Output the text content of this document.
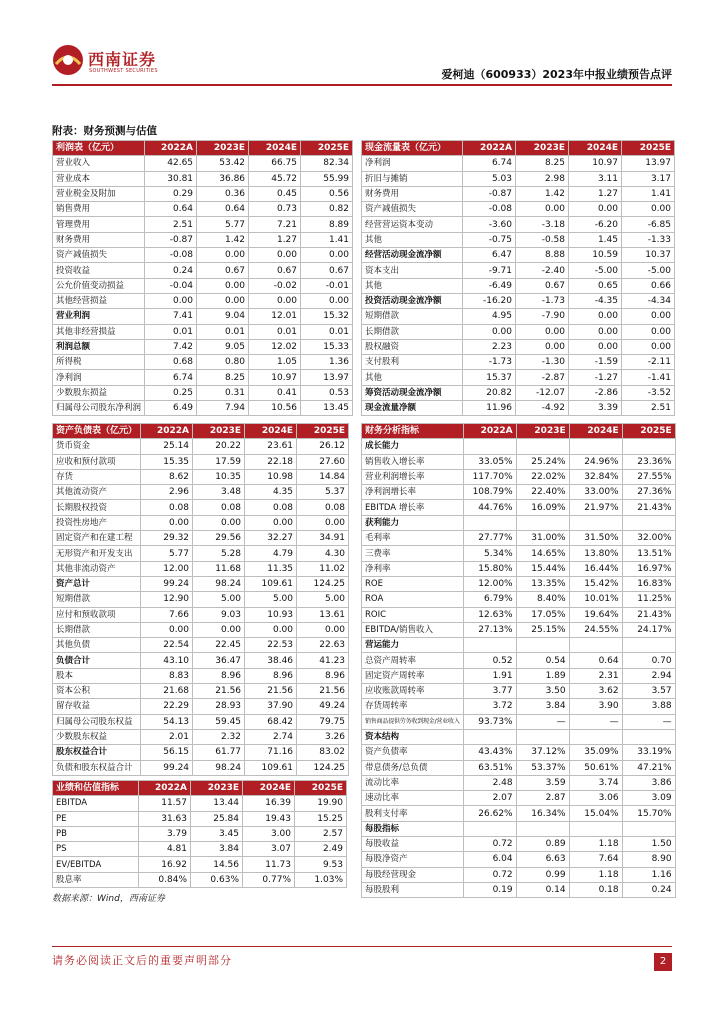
西南证券
SOUTHWEST SECURITIES	爱柯迪（600933）2023年中报业绩预告点评
附表：财务预测与估值
利润表（亿元）	2022A	2023E	2024E	2025E
营业收入	42.65	53.42	66.75	82.34
营业成本	30.81	36.86	45.72	55.99
营业税金及附加	0.29	0.36	0.45	0.56
销售费用	0.64	0.64	0.73	0.82
管理费用	2.51	5.77	7.21	8.89
财务费用	-0.87	1.42	1.27	1.41
资产减值损失	-0.08	0.00	0.00	0.00
投资收益	0.24	0.67	0.67	0.67
公允价值变动损益	-0.04	0.00	-0.02	-0.01
其他经营损益	0.00	0.00	0.00	0.00
营业利润	7.41	9.04	12.01	15.32
其他非经营损益	0.01	0.01	0.01	0.01
利润总额	7.42	9.05	12.02	15.33
所得税	0.68	0.80	1.05	1.36
净利润	6.74	8.25	10.97	13.97
少数股东损益	0.25	0.31	0.41	0.53
归属母公司股东净利润	6.49	7.94	10.56	13.45
现金流量表（亿元）	2022A	2023E	2024E	2025E
净利润	6.74	8.25	10.97	13.97
折旧与摊销	5.03	2.98	3.11	3.17
财务费用	-0.87	1.42	1.27	1.41
资产减值损失	-0.08	0.00	0.00	0.00
经营营运资本变动	-3.60	-3.18	-6.20	-6.85
其他	-0.75	-0.58	1.45	-1.33
经营活动现金流净额	6.47	8.88	10.59	10.37
资本支出	-9.71	-2.40	-5.00	-5.00
其他	-6.49	0.67	0.65	0.66
投资活动现金流净额	-16.20	-1.73	-4.35	-4.34
短期借款	4.95	-7.90	0.00	0.00
长期借款	0.00	0.00	0.00	0.00
股权融资	2.23	0.00	0.00	0.00
支付股利	-1.73	-1.30	-1.59	-2.11
其他	15.37	-2.87	-1.27	-1.41
筹资活动现金流净额	20.82	-12.07	-2.86	-3.52
现金流量净额	11.96	-4.92	3.39	2.51
资产负债表（亿元）	2022A	2023E	2024E	2025E
货币资金	25.14	20.22	23.61	26.12
应收和预付款项	15.35	17.59	22.18	27.60
存货	8.62	10.35	10.98	14.84
其他流动资产	2.96	3.48	4.35	5.37
长期股权投资	0.08	0.08	0.08	0.08
投资性房地产	0.00	0.00	0.00	0.00
固定资产和在建工程	29.32	29.56	32.27	34.91
无形资产和开发支出	5.77	5.28	4.79	4.30
其他非流动资产	12.00	11.68	11.35	11.02
资产总计	99.24	98.24	109.61	124.25
短期借款	12.90	5.00	5.00	5.00
应付和预收款项	7.66	9.03	10.93	13.61
长期借款	0.00	0.00	0.00	0.00
其他负债	22.54	22.45	22.53	22.63
负债合计	43.10	36.47	38.46	41.23
股本	8.83	8.96	8.96	8.96
资本公积	21.68	21.56	21.56	21.56
留存收益	22.29	28.93	37.90	49.24
归属母公司股东权益	54.13	59.45	68.42	79.75
少数股东权益	2.01	2.32	2.74	3.26
股东权益合计	56.15	61.77	71.16	83.02
负债和股东权益合计	99.24	98.24	109.61	124.25
财务分析指标	2022A	2023E	2024E	2025E
成长能力				
销售收入增长率	33.05%	25.24%	24.96%	23.36%
营业利润增长率	117.70%	22.02%	32.84%	27.55%
净利润增长率	108.79%	22.40%	33.00%	27.36%
EBITDA 增长率	44.76%	16.09%	21.97%	21.43%
获利能力				
毛利率	27.77%	31.00%	31.50%	32.00%
三费率	5.34%	14.65%	13.80%	13.51%
净利率	15.80%	15.44%	16.44%	16.97%
ROE	12.00%	13.35%	15.42%	16.83%
ROA	6.79%	8.40%	10.01%	11.25%
ROIC	12.63%	17.05%	19.64%	21.43%
EBITDA/销售收入	27.13%	25.15%	24.55%	24.17%
营运能力				
总资产周转率	0.52	0.54	0.64	0.70
固定资产周转率	1.91	1.89	2.31	2.94
应收账款周转率	3.77	3.50	3.62	3.57
存货周转率	3.72	3.84	3.90	3.88
销售商品提供劳务收到现金/营业收入	93.73%	—	—	—
资本结构				
资产负债率	43.43%	37.12%	35.09%	33.19%
带息债务/总负债	63.51%	53.37%	50.61%	47.21%
流动比率	2.48	3.59	3.74	3.86
速动比率	2.07	2.87	3.06	3.09
股利支付率	26.62%	16.34%	15.04%	15.70%
每股指标				
每股收益	0.72	0.89	1.18	1.50
每股净资产	6.04	6.63	7.64	8.90
每股经营现金	0.72	0.99	1.18	1.16
每股股利	0.19	0.14	0.18	0.24
业绩和估值指标	2022A	2023E	2024E	2025E
EBITDA	11.57	13.44	16.39	19.90
PE	31.63	25.84	19.43	15.25
PB	3.79	3.45	3.00	2.57
PS	4.81	3.84	3.07	2.49
EV/EBITDA	16.92	14.56	11.73	9.53
股息率	0.84%	0.63%	0.77%	1.03%
数据来源：Wind，西南证券
请务必阅读正文后的重要声明部分	2
